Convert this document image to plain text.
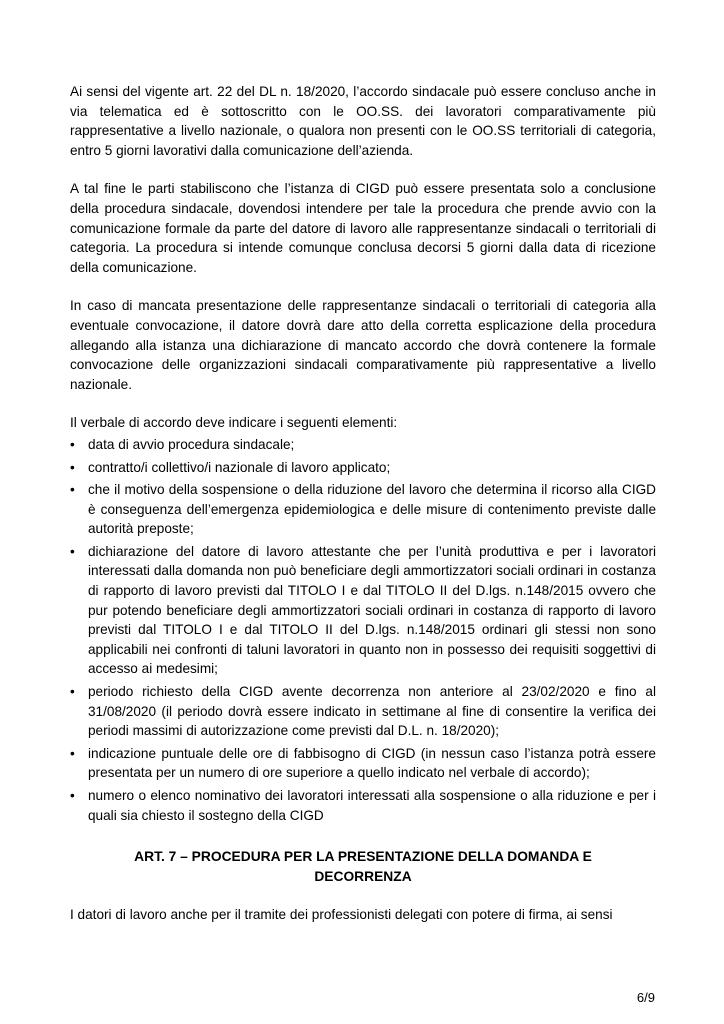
Ai sensi del vigente art. 22 del DL n. 18/2020, l’accordo sindacale può essere concluso anche in via telematica ed è sottoscritto con le OO.SS. dei lavoratori comparativamente più rappresentative a livello nazionale, o qualora non presenti con le OO.SS territoriali di categoria, entro 5 giorni lavorativi dalla comunicazione dell’azienda.

A tal fine le parti stabiliscono che l’istanza di CIGD può essere presentata solo a conclusione della procedura sindacale, dovendosi intendere per tale la procedura che prende avvio con la comunicazione formale da parte del datore di lavoro alle rappresentanze sindacali o territoriali di categoria. La procedura si intende comunque conclusa decorsi 5 giorni dalla data di ricezione della comunicazione.

In caso di mancata presentazione delle rappresentanze sindacali o territoriali di categoria alla eventuale convocazione, il datore dovrà dare atto della corretta esplicazione della procedura allegando alla istanza una dichiarazione di mancato accordo che dovrà contenere la formale convocazione delle organizzazioni sindacali comparativamente più rappresentative a livello nazionale.

Il verbale di accordo deve indicare i seguenti elementi:

• data di avvio procedura sindacale;
• contratto/i collettivo/i nazionale di lavoro applicato;
• che il motivo della sospensione o della riduzione del lavoro che determina il ricorso alla CIGD è conseguenza dell’emergenza epidemiologica e delle misure di contenimento previste dalle autorità preposte;
• dichiarazione del datore di lavoro attestante che per l’unità produttiva e per i lavoratori interessati dalla domanda non può beneficiare degli ammortizzatori sociali ordinari in costanza di rapporto di lavoro previsti dal TITOLO I e dal TITOLO II del D.lgs. n.148/2015 ovvero che pur potendo beneficiare degli ammortizzatori sociali ordinari in costanza di rapporto di lavoro previsti dal TITOLO I e dal TITOLO II del D.lgs. n.148/2015 ordinari gli stessi non sono applicabili nei confronti di taluni lavoratori in quanto non in possesso dei requisiti soggettivi di accesso ai medesimi;
• periodo richiesto della CIGD avente decorrenza non anteriore al 23/02/2020 e fino al 31/08/2020 (il periodo dovrà essere indicato in settimane al fine di consentire la verifica dei periodi massimi di autorizzazione come previsti dal D.L. n. 18/2020);
• indicazione puntuale delle ore di fabbisogno di CIGD (in nessun caso l’istanza potrà essere presentata per un numero di ore superiore a quello indicato nel verbale di accordo);
• numero o elenco nominativo dei lavoratori interessati alla sospensione o alla riduzione e per i quali sia chiesto il sostegno della CIGD
ART. 7 – PROCEDURA PER LA PRESENTAZIONE DELLA DOMANDA E DECORRENZA

I datori di lavoro anche per il tramite dei professionisti delegati con potere di firma, ai sensi

6/9
